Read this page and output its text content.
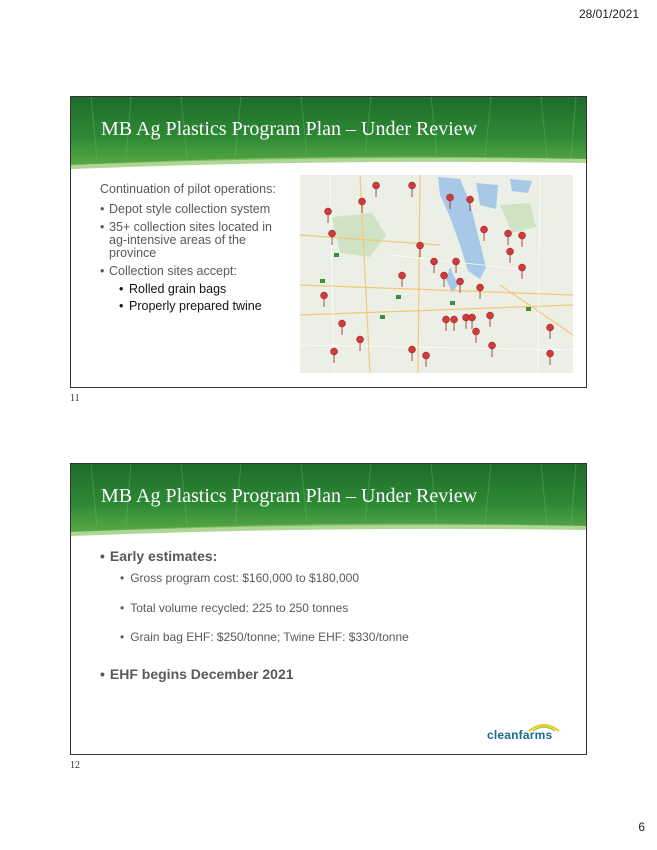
28/01/2021
MB Ag Plastics Program Plan – Under Review
Continuation of pilot operations:
• Depot style collection system
• 35+ collection sites located in ag-intensive areas of the province
• Collection sites accept:
• Rolled grain bags
• Properly prepared twine
11
MB Ag Plastics Program Plan – Under Review
• Early estimates:
• Gross program cost: $160,000 to $180,000
• Total volume recycled: 225 to 250 tonnes
• Grain bag EHF: $250/tonne; Twine EHF: $330/tonne
• EHF begins December 2021
cleanfarms
12
6
